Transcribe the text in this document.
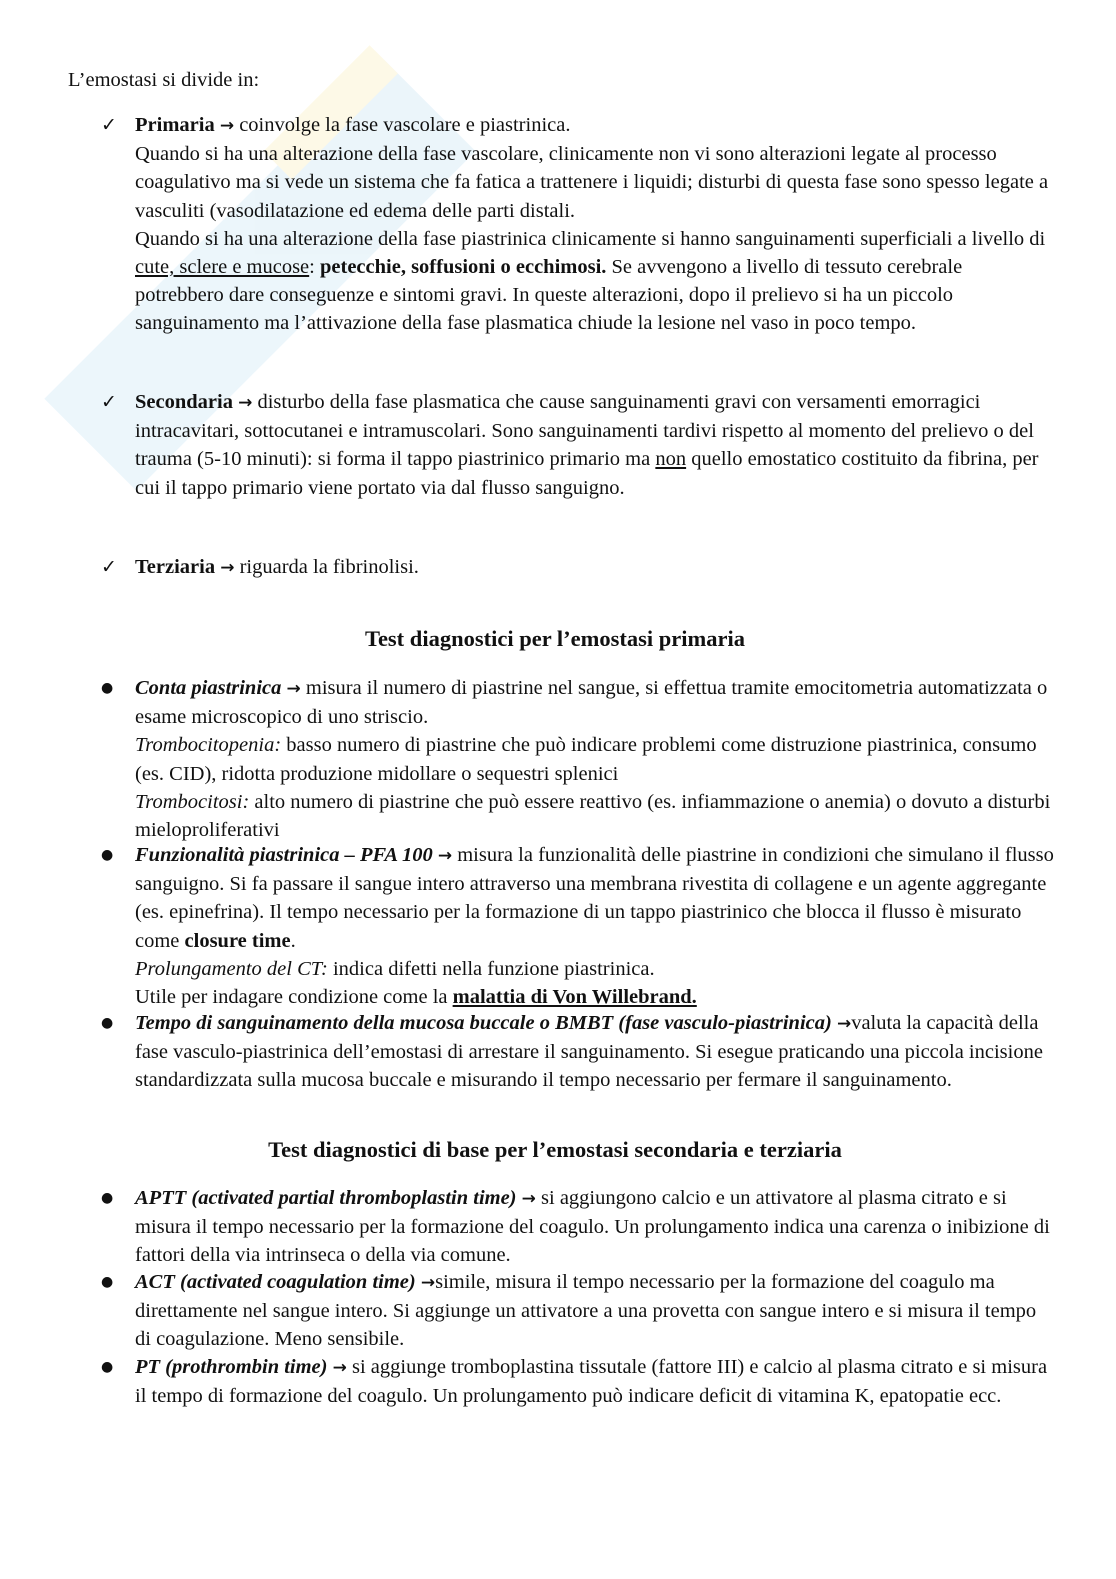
L’emostasi si divide in:

✓ Primaria → coinvolge la fase vascolare e piastrinica.

Quando si ha una alterazione della fase vascolare, clinicamente non vi sono alterazioni legate al processo coagulativo ma si vede un sistema che fa fatica a trattenere i liquidi; disturbi di questa fase sono spesso legate a vasculiti (vasodilatazione ed edema delle parti distali.

Quando si ha una alterazione della fase piastrinica clinicamente si hanno sanguinamenti superficiali a livello di cute, sclere e mucose: petecchie, soffusioni o ecchimosi. Se avvengono a livello di tessuto cerebrale potrebbero dare conseguenze e sintomi gravi. In queste alterazioni, dopo il prelievo si ha un piccolo sanguinamento ma l’attivazione della fase plasmatica chiude la lesione nel vaso in poco tempo.

✓ Secondaria → disturbo della fase plasmatica che cause sanguinamenti gravi con versamenti emorragici intracavitari, sottocutanei e intramuscolari. Sono sanguinamenti tardivi rispetto al momento del prelievo o del trauma (5-10 minuti): si forma il tappo piastrinico primario ma non quello emostatico costituito da fibrina, per cui il tappo primario viene portato via dal flusso sanguigno.

✓ Terziaria → riguarda la fibrinolisi.

Test diagnostici per l’emostasi primaria

● Conta piastrinica → misura il numero di piastrine nel sangue, si effettua tramite emocitometria automatizzata o esame microscopico di uno striscio.

Trombocitopenia: basso numero di piastrine che può indicare problemi come distruzione piastrinica, consumo (es. CID), ridotta produzione midollare o sequestri splenici

Trombocitosi: alto numero di piastrine che può essere reattivo (es. infiammazione o anemia) o dovuto a disturbi mieloproliferativi

● Funzionalità piastrinica – PFA 100 → misura la funzionalità delle piastrine in condizioni che simulano il flusso sanguigno. Si fa passare il sangue intero attraverso una membrana rivestita di collagene e un agente aggregante (es. epinefrina). Il tempo necessario per la formazione di un tappo piastrinico che blocca il flusso è misurato come closure time.

Prolungamento del CT: indica difetti nella funzione piastrinica.

Utile per indagare condizione come la malattia di Von Willebrand.

● Tempo di sanguinamento della mucosa buccale o BMBT (fase vasculo-piastrinica) →valuta la capacità della fase vasculo-piastrinica dell’emostasi di arrestare il sanguinamento. Si esegue praticando una piccola incisione standardizzata sulla mucosa buccale e misurando il tempo necessario per fermare il sanguinamento.

Test diagnostici di base per l’emostasi secondaria e terziaria

● APTT (activated partial thromboplastin time) → si aggiungono calcio e un attivatore al plasma citrato e si misura il tempo necessario per la formazione del coagulo. Un prolungamento indica una carenza o inibizione di fattori della via intrinseca o della via comune.

● ACT (activated coagulation time) →simile, misura il tempo necessario per la formazione del coagulo ma direttamente nel sangue intero. Si aggiunge un attivatore a una provetta con sangue intero e si misura il tempo di coagulazione. Meno sensibile.

● PT (prothrombin time) → si aggiunge tromboplastina tissutale (fattore III) e calcio al plasma citrato e si misura il tempo di formazione del coagulo. Un prolungamento può indicare deficit di vitamina K, epatopatie ecc.
